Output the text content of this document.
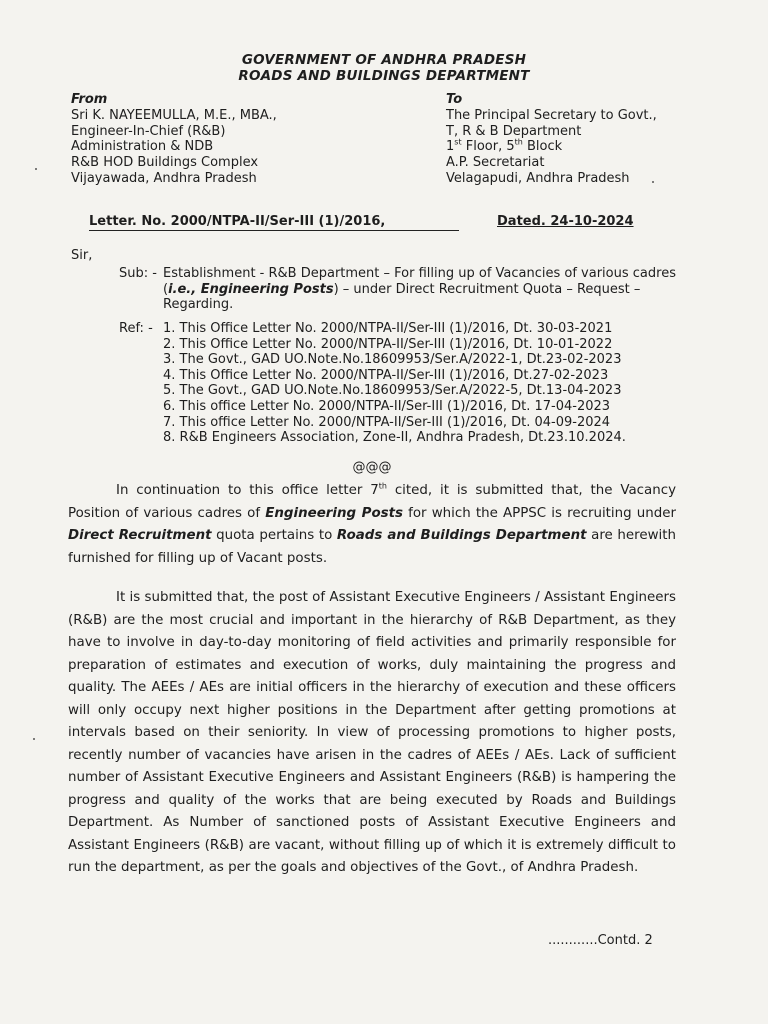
GOVERNMENT OF ANDHRA PRADESH
ROADS AND BUILDINGS DEPARTMENT
From
Sri K. NAYEEMULLA, M.E., MBA.,
Engineer-In-Chief (R&B)
Administration & NDB
R&B HOD Buildings Complex
Vijayawada, Andhra Pradesh
To
The Principal Secretary to Govt.,
T, R & B Department
1st Floor, 5th Block
A.P. Secretariat
Velagapudi, Andhra Pradesh
Letter. No. 2000/NTPA-II/Ser-III (1)/2016,	Dated. 24-10-2024
Sir,
Sub: - Establishment - R&B Department – For filling up of Vacancies of various cadres (i.e., Engineering Posts) – under Direct Recruitment Quota – Request – Regarding.
Ref: - 1. This Office Letter No. 2000/NTPA-II/Ser-III (1)/2016, Dt. 30-03-2021
2. This Office Letter No. 2000/NTPA-II/Ser-III (1)/2016, Dt. 10-01-2022
3. The Govt., GAD UO.Note.No.18609953/Ser.A/2022-1, Dt.23-02-2023
4. This Office Letter No. 2000/NTPA-II/Ser-III (1)/2016, Dt.27-02-2023
5. The Govt., GAD UO.Note.No.18609953/Ser.A/2022-5, Dt.13-04-2023
6. This office Letter No. 2000/NTPA-II/Ser-III (1)/2016, Dt. 17-04-2023
7. This office Letter No. 2000/NTPA-II/Ser-III (1)/2016, Dt. 04-09-2024
8. R&B Engineers Association, Zone-II, Andhra Pradesh, Dt.23.10.2024.
@@@
In continuation to this office letter 7th cited, it is submitted that, the Vacancy Position of various cadres of Engineering Posts for which the APPSC is recruiting under Direct Recruitment quota pertains to Roads and Buildings Department are herewith furnished for filling up of Vacant posts.
It is submitted that, the post of Assistant Executive Engineers / Assistant Engineers (R&B) are the most crucial and important in the hierarchy of R&B Department, as they have to involve in day-to-day monitoring of field activities and primarily responsible for preparation of estimates and execution of works, duly maintaining the progress and quality. The AEEs / AEs are initial officers in the hierarchy of execution and these officers will only occupy next higher positions in the Department after getting promotions at intervals based on their seniority. In view of processing promotions to higher posts, recently number of vacancies have arisen in the cadres of AEEs / AEs. Lack of sufficient number of Assistant Executive Engineers and Assistant Engineers (R&B) is hampering the progress and quality of the works that are being executed by Roads and Buildings Department. As Number of sanctioned posts of Assistant Executive Engineers and Assistant Engineers (R&B) are vacant, without filling up of which it is extremely difficult to run the department, as per the goals and objectives of the Govt., of Andhra Pradesh.
............Contd. 2
